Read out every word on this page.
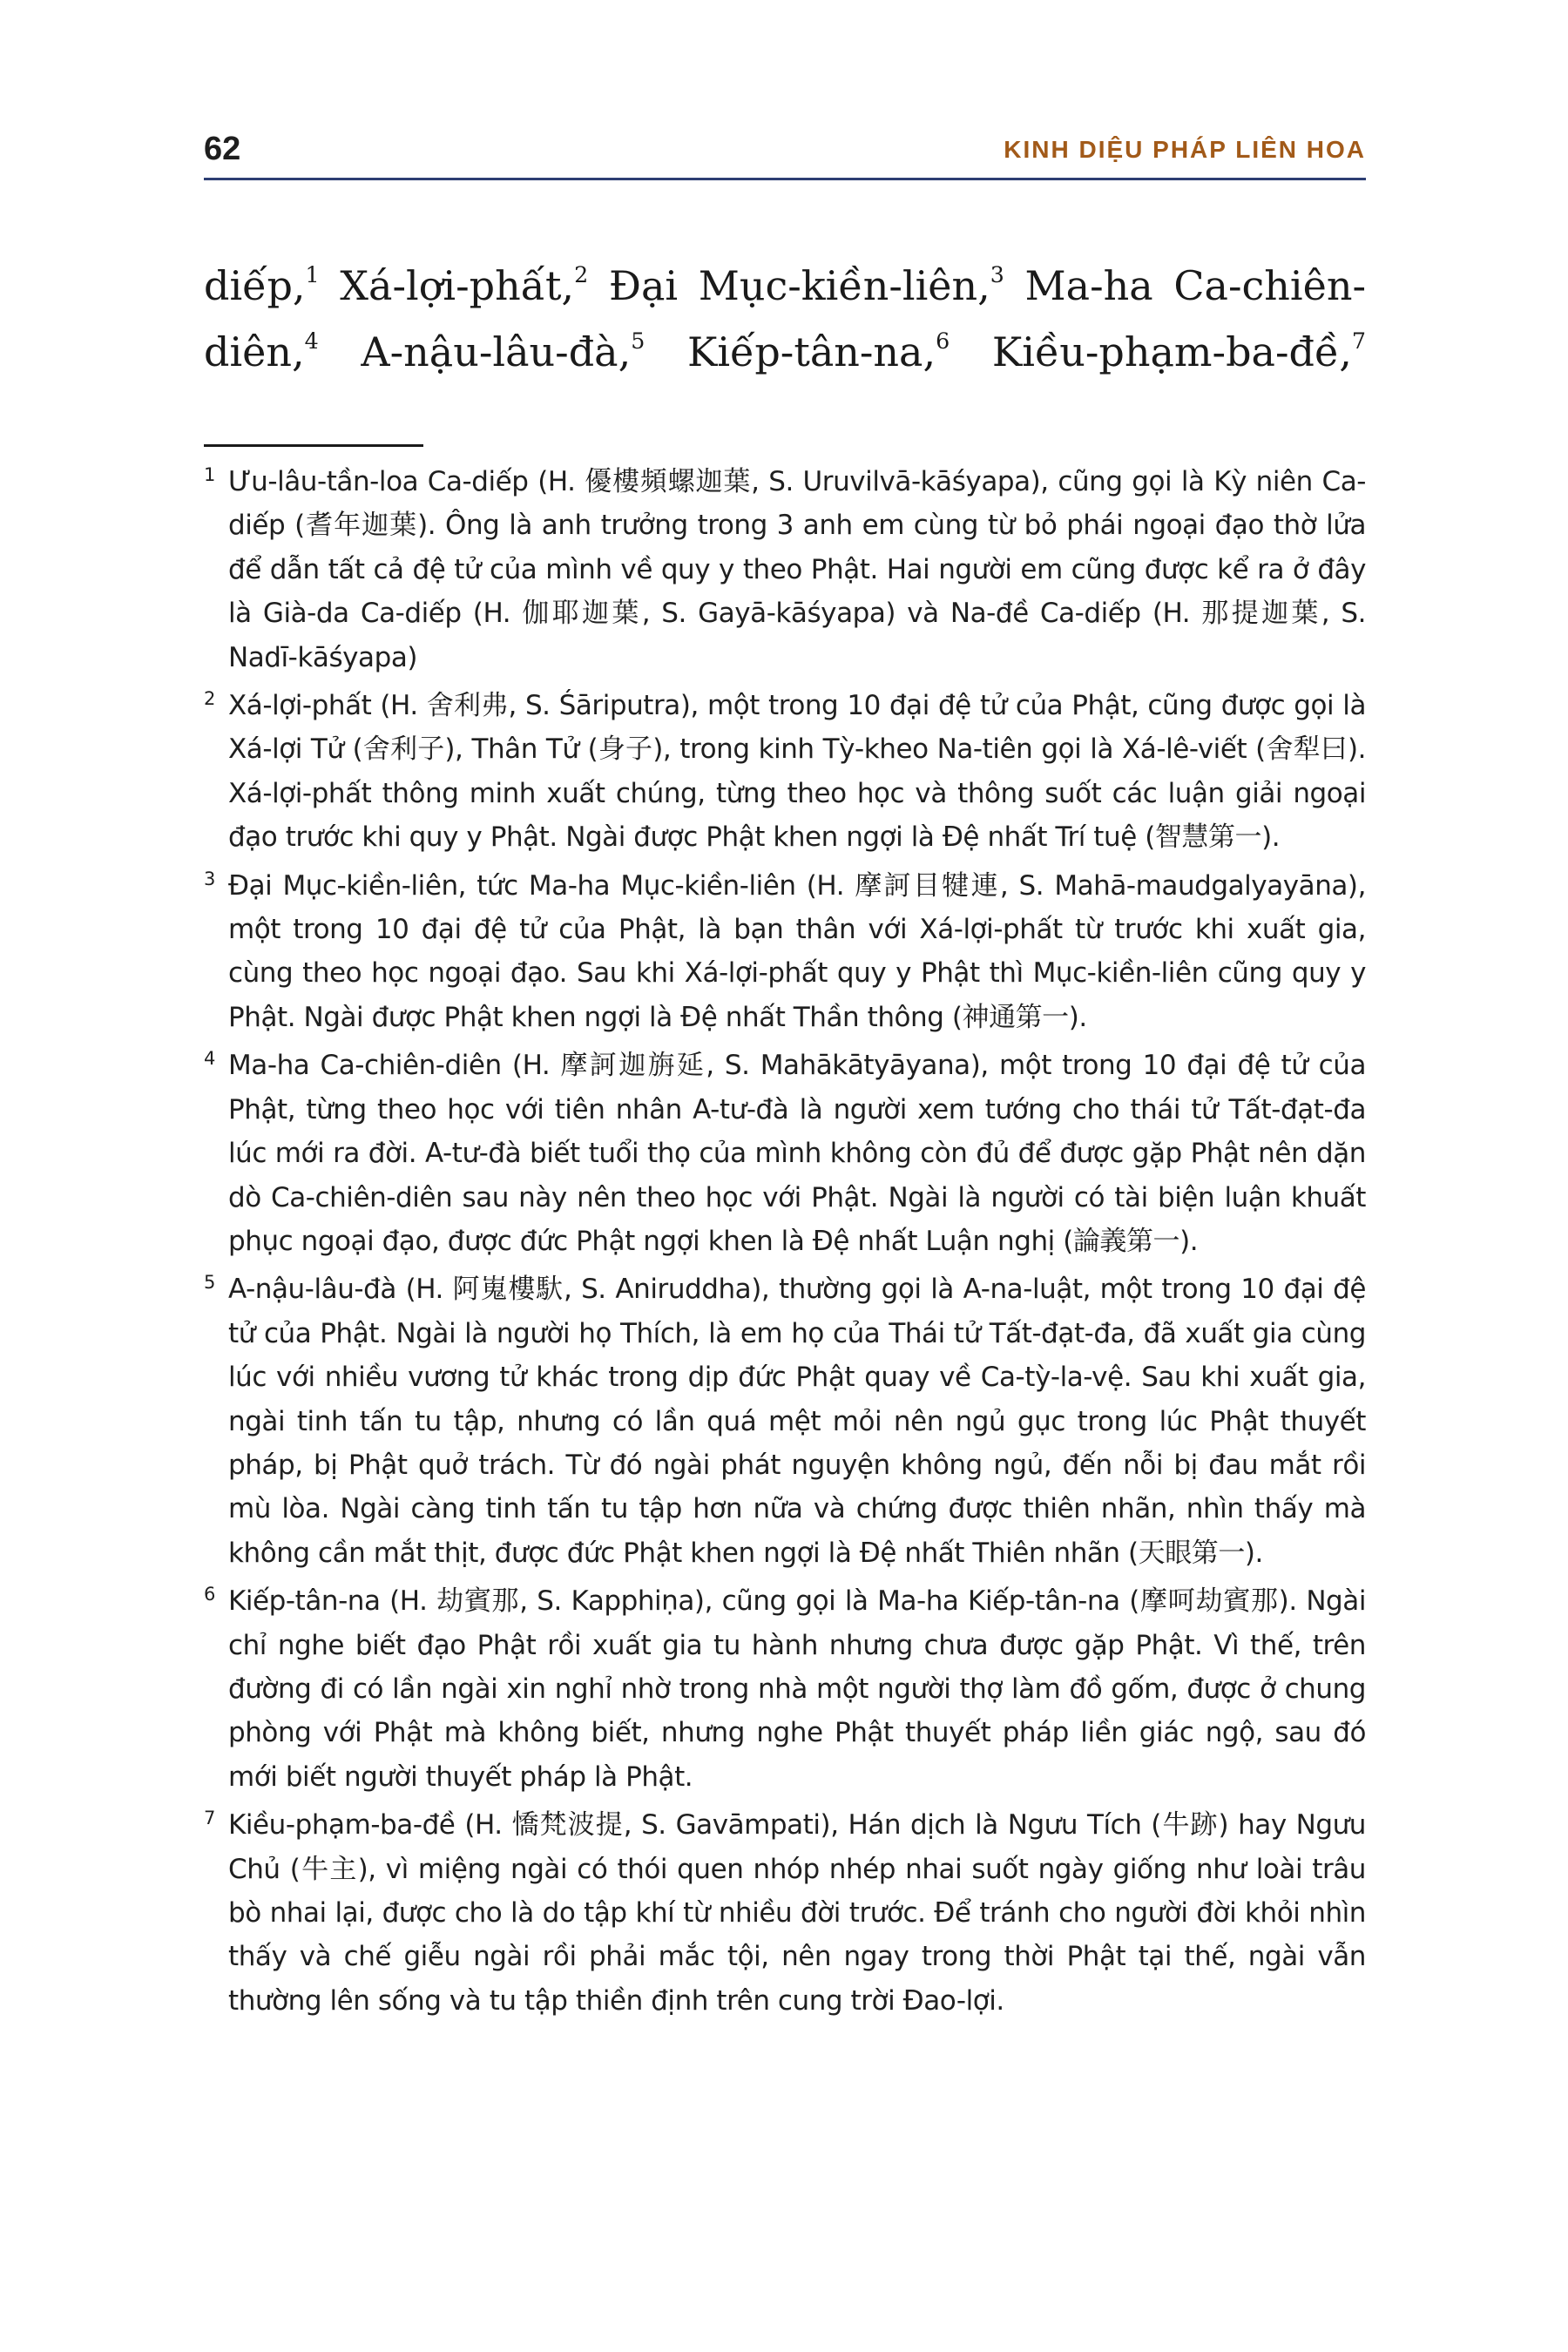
62	KINH DIỆU PHÁP LIÊN HOA
diếp,$^1$ Xá-lợi-phất,$^2$ Đại Mục-kiền-liên,$^3$ Ma-ha Ca-chiên-
diên,$^4$ A-nậu-lâu-đà,$^5$ Kiếp-tân-na,$^6$ Kiều-phạm-ba-đề,$^7$

1 Ưu-lâu-tần-loa Ca-diếp (H. 優樓頻螺迦葉, S. Uruvilvā-kāśyapa), cũng gọi là Kỳ niên Ca-diếp (耆年迦葉). Ông là anh trưởng trong 3 anh em cùng từ bỏ phái ngoại đạo thờ lửa để dẫn tất cả đệ tử của mình về quy y theo Phật. Hai người em cũng được kể ra ở đây là Già-da Ca-diếp (H. 伽耶迦葉, S. Gayā-kāśyapa) và Na-đề Ca-diếp (H. 那提迦葉, S. Nadī-kāśyapa)

2 Xá-lợi-phất (H. 舍利弗, S. Śāriputra), một trong 10 đại đệ tử của Phật, cũng được gọi là Xá-lợi Tử (舍利子), Thân Tử (身子), trong kinh Tỳ-kheo Na-tiên gọi là Xá-lê-viết (舍犁曰). Xá-lợi-phất thông minh xuất chúng, từng theo học và thông suốt các luận giải ngoại đạo trước khi quy y Phật. Ngài được Phật khen ngợi là Đệ nhất Trí tuệ (智慧第一).

3 Đại Mục-kiền-liên, tức Ma-ha Mục-kiền-liên (H. 摩訶目犍連, S. Mahā-maudgalyayāna), một trong 10 đại đệ tử của Phật, là bạn thân với Xá-lợi-phất từ trước khi xuất gia, cùng theo học ngoại đạo. Sau khi Xá-lợi-phất quy y Phật thì Mục-kiền-liên cũng quy y Phật. Ngài được Phật khen ngợi là Đệ nhất Thần thông (神通第一).

4 Ma-ha Ca-chiên-diên (H. 摩訶迦旃延, S. Mahākātyāyana), một trong 10 đại đệ tử của Phật, từng theo học với tiên nhân A-tư-đà là người xem tướng cho thái tử Tất-đạt-đa lúc mới ra đời. A-tư-đà biết tuổi thọ của mình không còn đủ để được gặp Phật nên dặn dò Ca-chiên-diên sau này nên theo học với Phật. Ngài là người có tài biện luận khuất phục ngoại đạo, được đức Phật ngợi khen là Đệ nhất Luận nghị (論義第一).

5 A-nậu-lâu-đà (H. 阿嵬樓馱, S. Aniruddha), thường gọi là A-na-luật, một trong 10 đại đệ tử của Phật. Ngài là người họ Thích, là em họ của Thái tử Tất-đạt-đa, đã xuất gia cùng lúc với nhiều vương tử khác trong dịp đức Phật quay về Ca-tỳ-la-vệ. Sau khi xuất gia, ngài tinh tấn tu tập, nhưng có lần quá mệt mỏi nên ngủ gục trong lúc Phật thuyết pháp, bị Phật quở trách. Từ đó ngài phát nguyện không ngủ, đến nỗi bị đau mắt rồi mù lòa. Ngài càng tinh tấn tu tập hơn nữa và chứng được thiên nhãn, nhìn thấy mà không cần mắt thịt, được đức Phật khen ngợi là Đệ nhất Thiên nhãn (天眼第一).

6 Kiếp-tân-na (H. 劫賓那, S. Kapphiṇa), cũng gọi là Ma-ha Kiếp-tân-na (摩呵劫賓那). Ngài chỉ nghe biết đạo Phật rồi xuất gia tu hành nhưng chưa được gặp Phật. Vì thế, trên đường đi có lần ngài xin nghỉ nhờ trong nhà một người thợ làm đồ gốm, được ở chung phòng với Phật mà không biết, nhưng nghe Phật thuyết pháp liền giác ngộ, sau đó mới biết người thuyết pháp là Phật.

7 Kiều-phạm-ba-đề (H. 憍梵波提, S. Gavāmpati), Hán dịch là Ngưu Tích (牛跡) hay Ngưu Chủ (牛主), vì miệng ngài có thói quen nhóp nhép nhai suốt ngày giống như loài trâu bò nhai lại, được cho là do tập khí từ nhiều đời trước. Để tránh cho người đời khỏi nhìn thấy và chế giễu ngài rồi phải mắc tội, nên ngay trong thời Phật tại thế, ngài vẫn thường lên sống và tu tập thiền định trên cung trời Đao-lợi.
